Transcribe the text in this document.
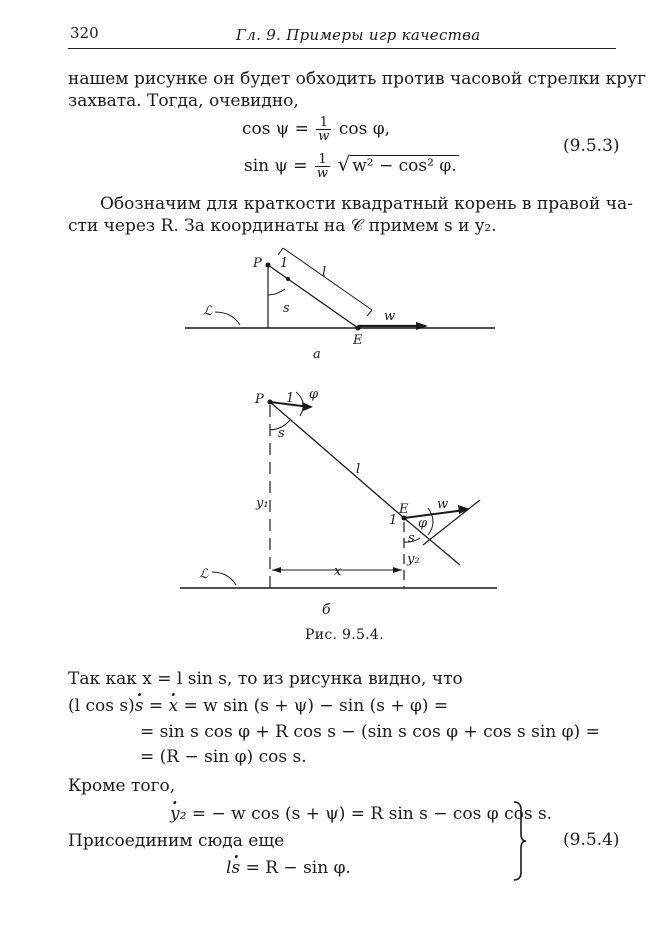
320	Гл. 9. Примеры игр качества
нашем рисунке он будет обходить против часовой стрелки круг
захвата. Тогда, очевидно,
$\cos \psi = \frac{1}{w}$ cos φ,
$\sin \psi = \frac{1}{w}$ √ w² − cos² φ.
(9.5.3)
Обозначим для краткости квадратный корень в правой ча-
сти через R. За координаты на 𝒞 примем s и y₂.
P 1
l
s
w
E
ℒ
а
P 1 φ
s
l
y₁	E w
φ
s
1
y₂
x
ℒ
б
Рис. 9.5.4.
Так как x = l sin s, то из рисунка видно, что
(l cos s)· s = · x = w sin (s + ψ) − sin (s + φ) =
= sin s cos φ + R cos s − (sin s cos φ + cos s sin φ) =
= (R − sin φ) cos s.
Кроме того,
· y₂ = − w cos (s + ψ) = R sin s − cos φ cos s.
Присоединим сюда еще
l· s = R − sin φ.
(9.5.4)
